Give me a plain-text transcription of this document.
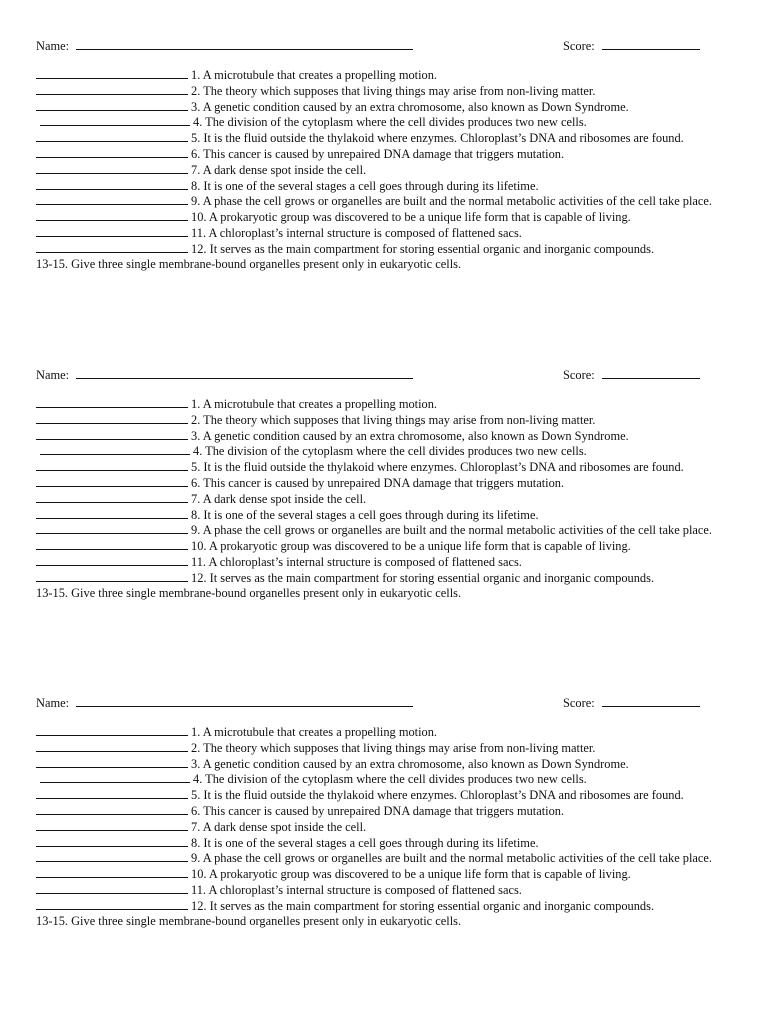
Name:	Score:
1. A microtubule that creates a propelling motion.
2. The theory which supposes that living things may arise from non-living matter.
3. A genetic condition caused by an extra chromosome, also known as Down Syndrome.
4. The division of the cytoplasm where the cell divides produces two new cells.
5. It is the fluid outside the thylakoid where enzymes. Chloroplast’s DNA and ribosomes are found.
6. This cancer is caused by unrepaired DNA damage that triggers mutation.
7. A dark dense spot inside the cell.
8. It is one of the several stages a cell goes through during its lifetime.
9. A phase the cell grows or organelles are built and the normal metabolic activities of the cell take place.
10. A prokaryotic group was discovered to be a unique life form that is capable of living.
11. A chloroplast’s internal structure is composed of flattened sacs.
12. It serves as the main compartment for storing essential organic and inorganic compounds.
13-15. Give three single membrane-bound organelles present only in eukaryotic cells.
Name:	Score:
1. A microtubule that creates a propelling motion.
2. The theory which supposes that living things may arise from non-living matter.
3. A genetic condition caused by an extra chromosome, also known as Down Syndrome.
4. The division of the cytoplasm where the cell divides produces two new cells.
5. It is the fluid outside the thylakoid where enzymes. Chloroplast’s DNA and ribosomes are found.
6. This cancer is caused by unrepaired DNA damage that triggers mutation.
7. A dark dense spot inside the cell.
8. It is one of the several stages a cell goes through during its lifetime.
9. A phase the cell grows or organelles are built and the normal metabolic activities of the cell take place.
10. A prokaryotic group was discovered to be a unique life form that is capable of living.
11. A chloroplast’s internal structure is composed of flattened sacs.
12. It serves as the main compartment for storing essential organic and inorganic compounds.
13-15. Give three single membrane-bound organelles present only in eukaryotic cells.
Name:	Score:
1. A microtubule that creates a propelling motion.
2. The theory which supposes that living things may arise from non-living matter.
3. A genetic condition caused by an extra chromosome, also known as Down Syndrome.
4. The division of the cytoplasm where the cell divides produces two new cells.
5. It is the fluid outside the thylakoid where enzymes. Chloroplast’s DNA and ribosomes are found.
6. This cancer is caused by unrepaired DNA damage that triggers mutation.
7. A dark dense spot inside the cell.
8. It is one of the several stages a cell goes through during its lifetime.
9. A phase the cell grows or organelles are built and the normal metabolic activities of the cell take place.
10. A prokaryotic group was discovered to be a unique life form that is capable of living.
11. A chloroplast’s internal structure is composed of flattened sacs.
12. It serves as the main compartment for storing essential organic and inorganic compounds.
13-15. Give three single membrane-bound organelles present only in eukaryotic cells.
